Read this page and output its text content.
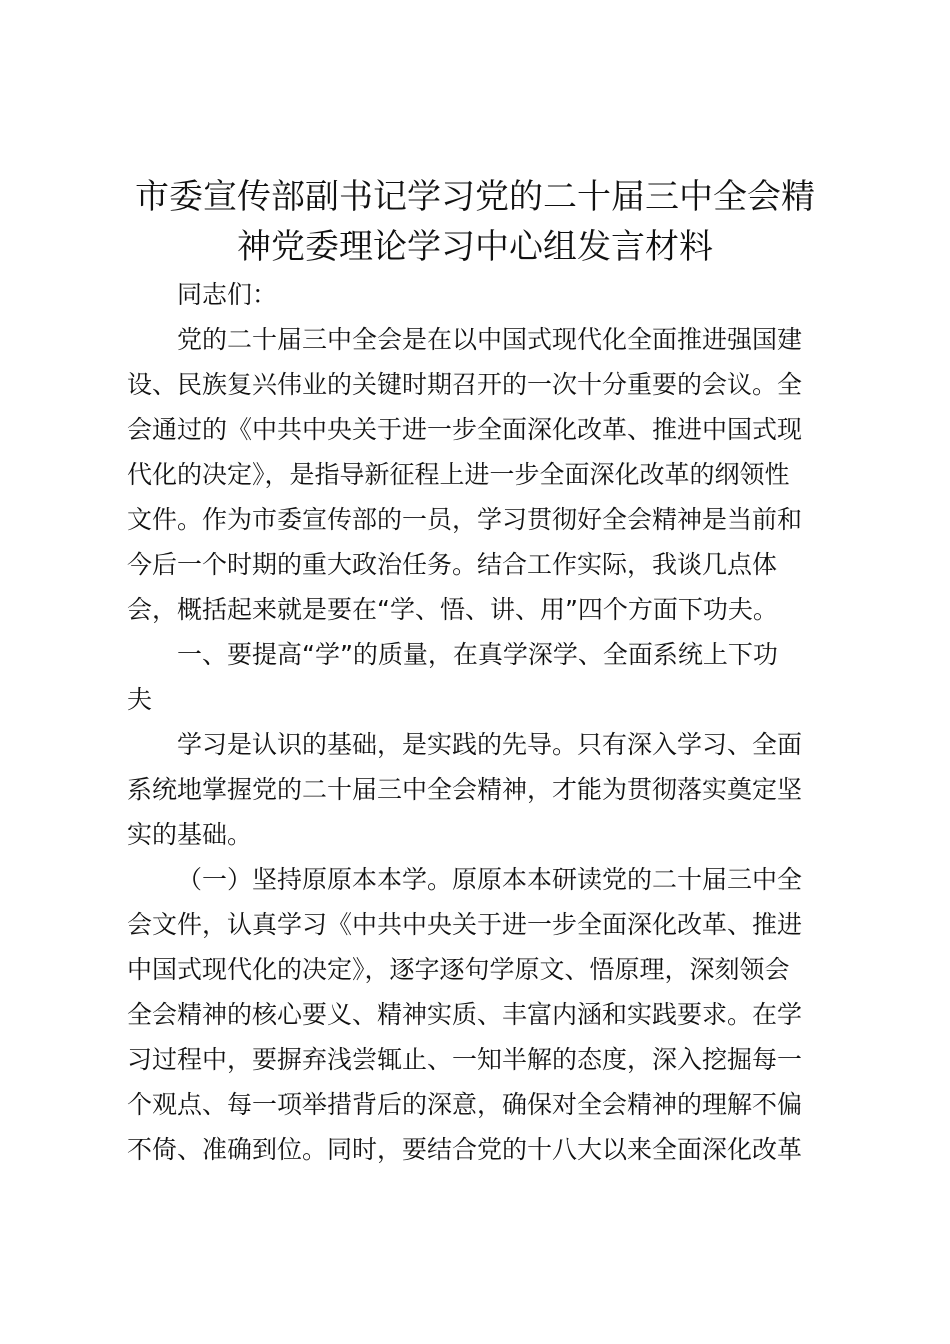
市委宣传部副书记学习党的二十届三中全会精
神党委理论学习中心组发言材料
同志们：
党的二十届三中全会是在以中国式现代化全面推进强国建
设、民族复兴伟业的关键时期召开的一次十分重要的会议。全
会通过的《中共中央关于进一步全面深化改革、推进中国式现
代化的决定》，是指导新征程上进一步全面深化改革的纲领性
文件。作为市委宣传部的一员，学习贯彻好全会精神是当前和
今后一个时期的重大政治任务。结合工作实际，我谈几点体
会，概括起来就是要在“学、悟、讲、用”四个方面下功夫。
一、要提高“学”的质量，在真学深学、全面系统上下功
夫
学习是认识的基础，是实践的先导。只有深入学习、全面
系统地掌握党的二十届三中全会精神，才能为贯彻落实奠定坚
实的基础。
（一）坚持原原本本学。原原本本研读党的二十届三中全
会文件，认真学习《中共中央关于进一步全面深化改革、推进
中国式现代化的决定》，逐字逐句学原文、悟原理，深刻领会
全会精神的核心要义、精神实质、丰富内涵和实践要求。在学
习过程中，要摒弃浅尝辄止、一知半解的态度，深入挖掘每一
个观点、每一项举措背后的深意，确保对全会精神的理解不偏
不倚、准确到位。同时，要结合党的十八大以来全面深化改革
